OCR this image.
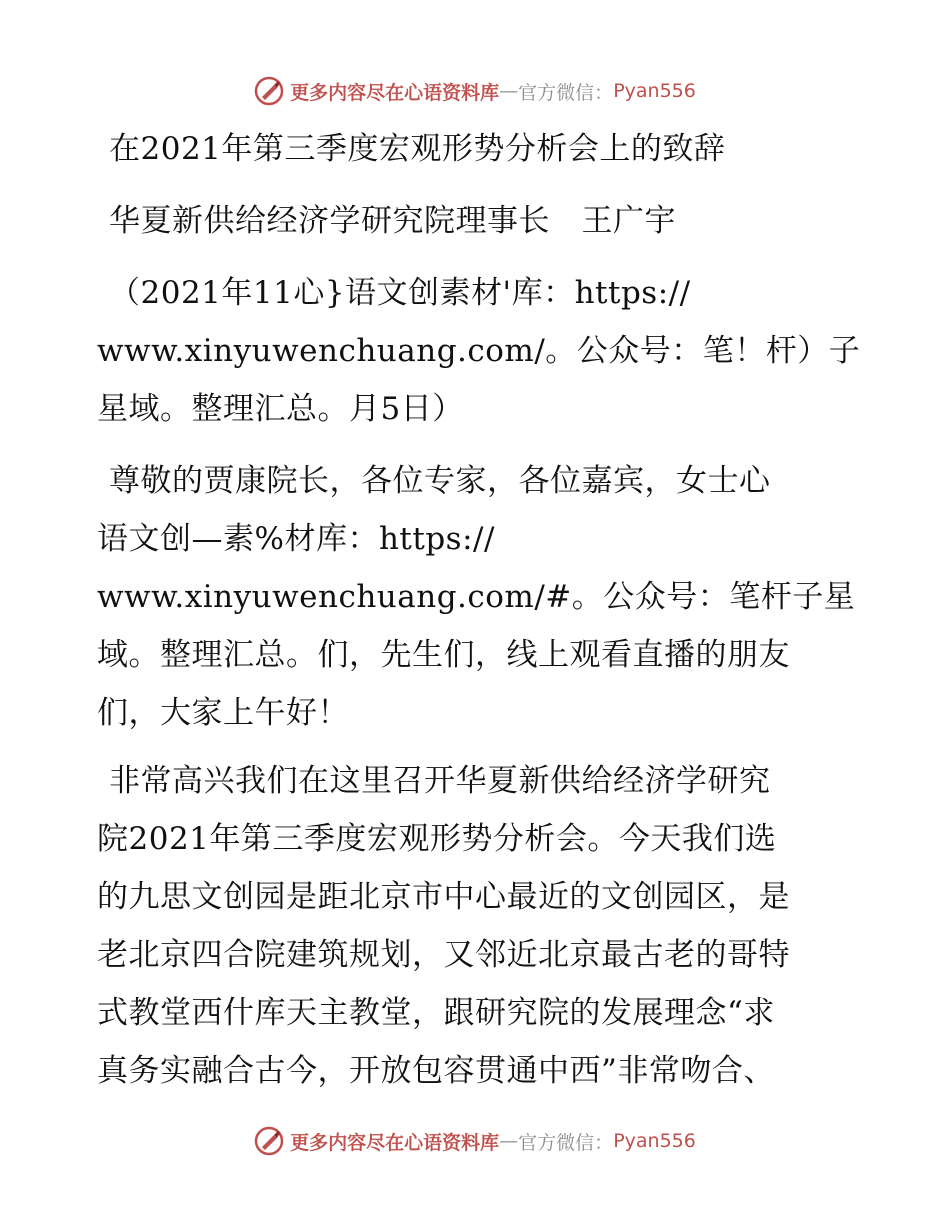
更多内容尽在心语资料库 — 官方微信： Pyan556
在2021年第三季度宏观形势分析会上的致辞
华夏新供给经济学研究院理事长　王广宇
（2021年11心}语文创素材'库：https://
www.xinyuwenchuang.com/。公众号：笔！杆）子
星域。整理汇总。月5日）
尊敬的贾康院长，各位专家，各位嘉宾，女士心
语文创—素%材库：https://
www.xinyuwenchuang.com/#。公众号：笔杆子星
域。整理汇总。们，先生们，线上观看直播的朋友
们，大家上午好！
非常高兴我们在这里召开华夏新供给经济学研究
院2021年第三季度宏观形势分析会。今天我们选
的九思文创园是距北京市中心最近的文创园区，是
老北京四合院建筑规划，又邻近北京最古老的哥特
式教堂西什库天主教堂，跟研究院的发展理念“求
真务实融合古今，开放包容贯通中西”非常吻合、
更多内容尽在心语资料库 — 官方微信： Pyan556
